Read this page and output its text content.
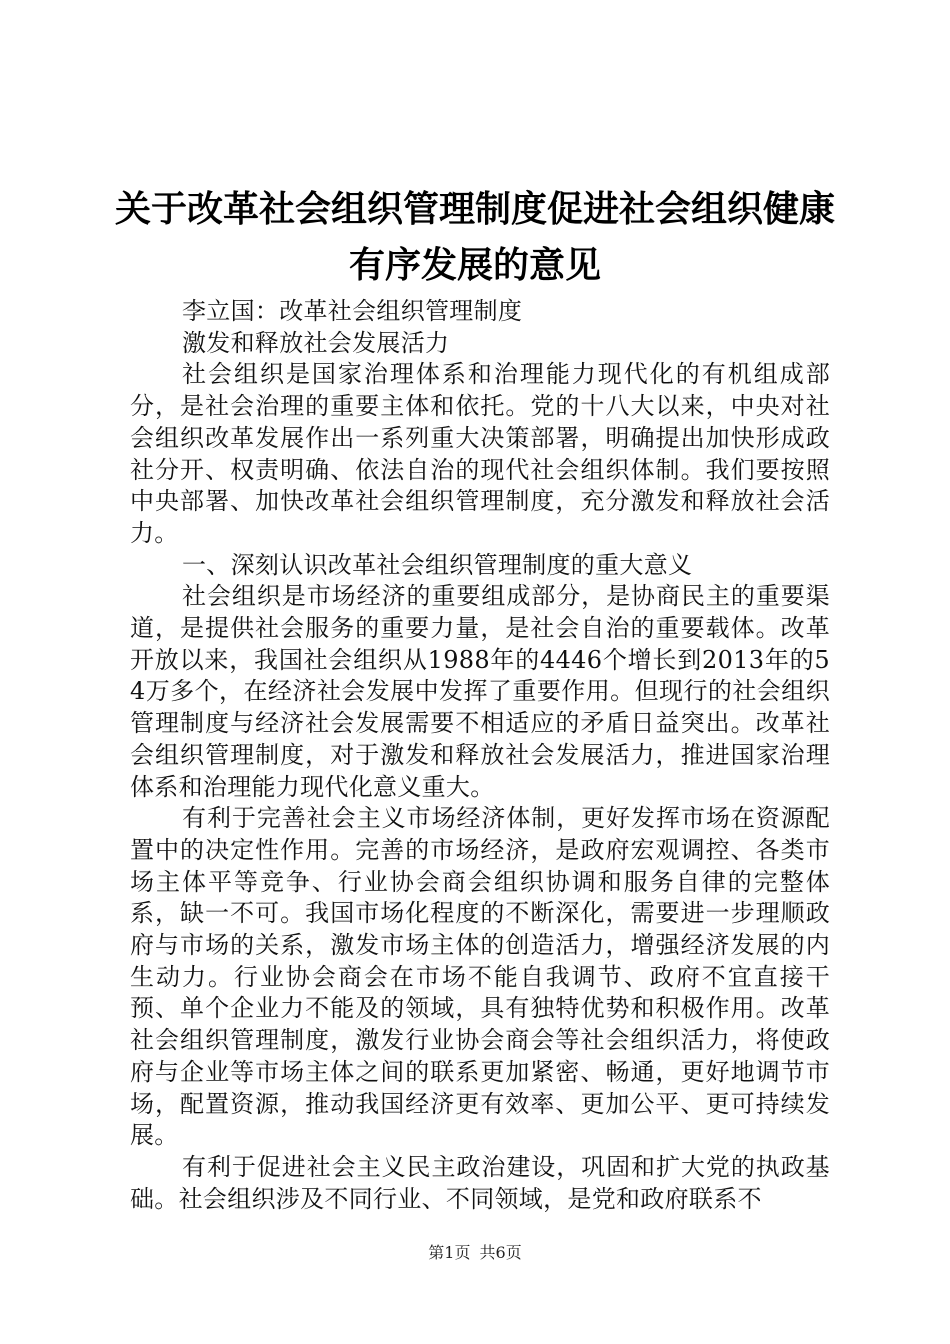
关于改革社会组织管理制度促进社会组织健康
有序发展的意见

李立国：改革社会组织管理制度

激发和释放社会发展活力

社会组织是国家治理体系和治理能力现代化的有机组成部分，是社会治理的重要主体和依托。党的十八大以来，中央对社会组织改革发展作出一系列重大决策部署，明确提出加快形成政社分开、权责明确、依法自治的现代社会组织体制。我们要按照中央部署、加快改革社会组织管理制度，充分激发和释放社会活力。

一、深刻认识改革社会组织管理制度的重大意义

社会组织是市场经济的重要组成部分，是协商民主的重要渠道，是提供社会服务的重要力量，是社会自治的重要载体。改革开放以来，我国社会组织从1988年的4446个增长到2013年的54万多个，在经济社会发展中发挥了重要作用。但现行的社会组织管理制度与经济社会发展需要不相适应的矛盾日益突出。改革社会组织管理制度，对于激发和释放社会发展活力，推进国家治理体系和治理能力现代化意义重大。

有利于完善社会主义市场经济体制，更好发挥市场在资源配置中的决定性作用。完善的市场经济，是政府宏观调控、各类市场主体平等竞争、行业协会商会组织协调和服务自律的完整体系，缺一不可。我国市场化程度的不断深化，需要进一步理顺政府与市场的关系，激发市场主体的创造活力，增强经济发展的内生动力。行业协会商会在市场不能自我调节、政府不宜直接干预、单个企业力不能及的领域，具有独特优势和积极作用。改革社会组织管理制度，激发行业协会商会等社会组织活力，将使政府与企业等市场主体之间的联系更加紧密、畅通，更好地调节市场，配置资源，推动我国经济更有效率、更加公平、更可持续发展。

有利于促进社会主义民主政治建设，巩固和扩大党的执政基础。社会组织涉及不同行业、不同领域，是党和政府联系不

第1页 共6页
